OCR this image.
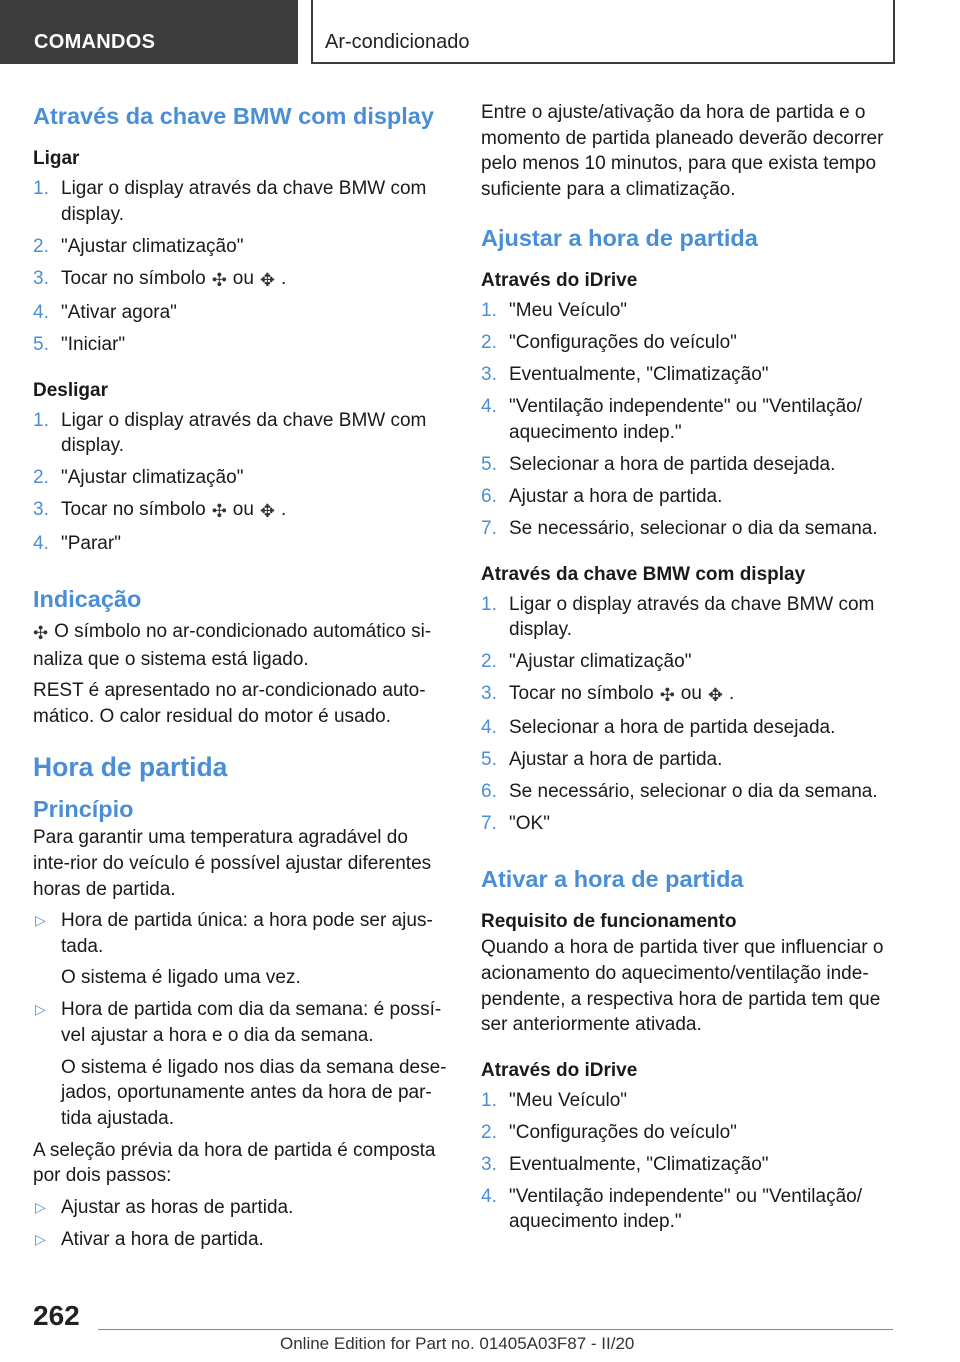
COMANDOS	Ar-condicionado
Através da chave BMW com display
Ligar
1. Ligar o display através da chave BMW com display.
2. "Ajustar climatização"
3. Tocar no símbolo ✣ ou ✥ .
4. "Ativar agora"
5. "Iniciar"
Desligar
1. Ligar o display através da chave BMW com display.
2. "Ajustar climatização"
3. Tocar no símbolo ✣ ou ✥ .
4. "Parar"
Indicação

✣ O símbolo no ar-condicionado automático si-naliza que o sistema está ligado.

REST é apresentado no ar-condicionado auto-mático. O calor residual do motor é usado.

Hora de partida
Princípio

Para garantir uma temperatura agradável do inte-rior do veículo é possível ajustar diferentes horas de partida.

▷ Hora de partida única: a hora pode ser ajus-tada.
O sistema é ligado uma vez.
▷ Hora de partida com dia da semana: é possí-vel ajustar a hora e o dia da semana.
O sistema é ligado nos dias da semana dese-jados, oportunamente antes da hora de par-tida ajustada.

A seleção prévia da hora de partida é composta por dois passos:

▷ Ajustar as horas de partida.
▷ Ativar a hora de partida.

Entre o ajuste/ativação da hora de partida e o momento de partida planeado deverão decorrer pelo menos 10 minutos, para que exista tempo suficiente para a climatização.

Ajustar a hora de partida
Através do iDrive
1. "Meu Veículo"
2. "Configurações do veículo"
3. Eventualmente, "Climatização"
4. "Ventilação independente" ou "Ventilação/ aquecimento indep."
5. Selecionar a hora de partida desejada.
6. Ajustar a hora de partida.
7. Se necessário, selecionar o dia da semana.
Através da chave BMW com display
1. Ligar o display através da chave BMW com display.
2. "Ajustar climatização"
3. Tocar no símbolo ✣ ou ✥ .
4. Selecionar a hora de partida desejada.
5. Ajustar a hora de partida.
6. Se necessário, selecionar o dia da semana.
7. "OK"
Ativar a hora de partida
Requisito de funcionamento

Quando a hora de partida tiver que influenciar o acionamento do aquecimento/ventilação inde-pendente, a respectiva hora de partida tem que ser anteriormente ativada.

Através do iDrive
1. "Meu Veículo"
2. "Configurações do veículo"
3. Eventualmente, "Climatização"
4. "Ventilação independente" ou "Ventilação/ aquecimento indep."
262
Online Edition for Part no. 01405A03F87 - II/20
